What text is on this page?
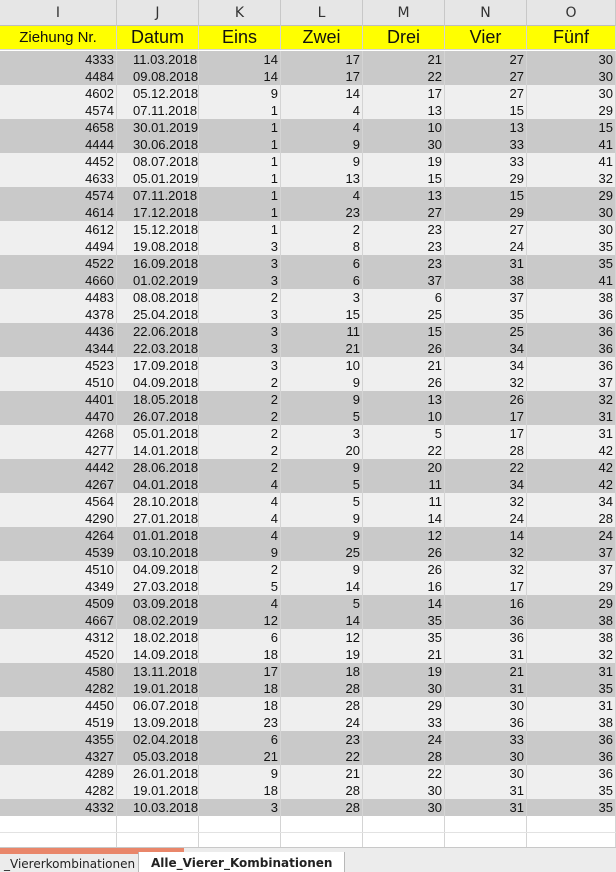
I	J	K	L	M	N	O
Ziehung Nr.	Datum	Eins	Zwei	Drei	Vier	Fünf
4333	11.03.2018	14	17	21	27	30
4484	09.08.2018	14	17	22	27	30
4602	05.12.2018	9	14	17	27	30
4574	07.11.2018	1	4	13	15	29
4658	30.01.2019	1	4	10	13	15
4444	30.06.2018	1	9	30	33	41
4452	08.07.2018	1	9	19	33	41
4633	05.01.2019	1	13	15	29	32
4574	07.11.2018	1	4	13	15	29
4614	17.12.2018	1	23	27	29	30
4612	15.12.2018	1	2	23	27	30
4494	19.08.2018	3	8	23	24	35
4522	16.09.2018	3	6	23	31	35
4660	01.02.2019	3	6	37	38	41
4483	08.08.2018	2	3	6	37	38
4378	25.04.2018	3	15	25	35	36
4436	22.06.2018	3	11	15	25	36
4344	22.03.2018	3	21	26	34	36
4523	17.09.2018	3	10	21	34	36
4510	04.09.2018	2	9	26	32	37
4401	18.05.2018	2	9	13	26	32
4470	26.07.2018	2	5	10	17	31
4268	05.01.2018	2	3	5	17	31
4277	14.01.2018	2	20	22	28	42
4442	28.06.2018	2	9	20	22	42
4267	04.01.2018	4	5	11	34	42
4564	28.10.2018	4	5	11	32	34
4290	27.01.2018	4	9	14	24	28
4264	01.01.2018	4	9	12	14	24
4539	03.10.2018	9	25	26	32	37
4510	04.09.2018	2	9	26	32	37
4349	27.03.2018	5	14	16	17	29
4509	03.09.2018	4	5	14	16	29
4667	08.02.2019	12	14	35	36	38
4312	18.02.2018	6	12	35	36	38
4520	14.09.2018	18	19	21	31	32
4580	13.11.2018	17	18	19	21	31
4282	19.01.2018	18	28	30	31	35
4450	06.07.2018	18	28	29	30	31
4519	13.09.2018	23	24	33	36	38
4355	02.04.2018	6	23	24	33	36
4327	05.03.2018	21	22	28	30	36
4289	26.01.2018	9	21	22	30	36
4282	19.01.2018	18	28	30	31	35
4332	10.03.2018	3	28	30	31	35
_Viererkombinationen	Alle_Vierer_Kombinationen
